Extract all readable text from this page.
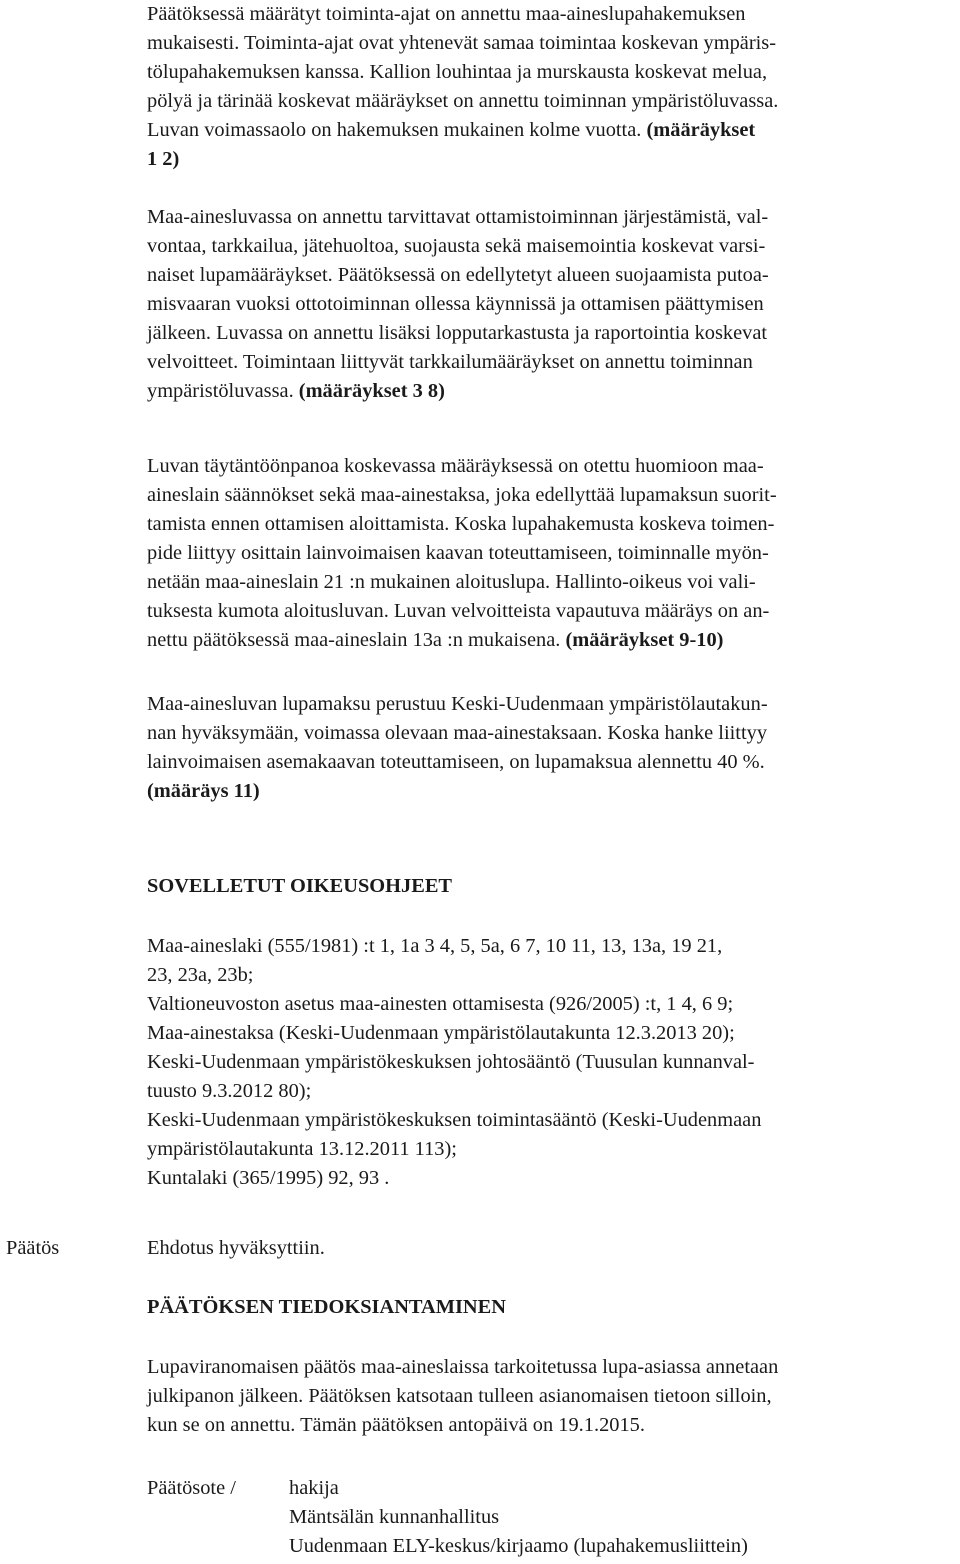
Päätöksessä määrätyt toiminta-ajat on annettu maa-aineslupahakemuksen
mukaisesti. Toiminta-ajat ovat yhtenevät samaa toimintaa koskevan ympäris-
tölupahakemuksen kanssa. Kallion louhintaa ja murskausta koskevat melua,
pölyä ja tärinää koskevat määräykset on annettu toiminnan ympäristöluvassa.
Luvan voimassaolo on hakemuksen mukainen kolme vuotta. (määräykset
1 2)
Maa-ainesluvassa on annettu tarvittavat ottamistoiminnan järjestämistä, val-
vontaa, tarkkailua, jätehuoltoa, suojausta sekä maisemointia koskevat varsi-
naiset lupamääräykset. Päätöksessä on edellytetyt alueen suojaamista putoa-
misvaaran vuoksi ottotoiminnan ollessa käynnissä ja ottamisen päättymisen
jälkeen. Luvassa on annettu lisäksi lopputarkastusta ja raportointia koskevat
velvoitteet. Toimintaan liittyvät tarkkailumääräykset on annettu toiminnan
ympäristöluvassa. (määräykset 3 8)
Luvan täytäntöönpanoa koskevassa määräyksessä on otettu huomioon maa-
aineslain säännökset sekä maa-ainestaksa, joka edellyttää lupamaksun suorit-
tamista ennen ottamisen aloittamista. Koska lupahakemusta koskeva toimen-
pide liittyy osittain lainvoimaisen kaavan toteuttamiseen, toiminnalle myön-
netään maa-aineslain 21 :n mukainen aloituslupa. Hallinto-oikeus voi vali-
tuksesta kumota aloitusluvan. Luvan velvoitteista vapautuva määräys on an-
nettu päätöksessä maa-aineslain 13a :n mukaisena. (määräykset 9-10)
Maa-ainesluvan lupamaksu perustuu Keski-Uudenmaan ympäristölautakun-
nan hyväksymään, voimassa olevaan maa-ainestaksaan. Koska hanke liittyy
lainvoimaisen asemakaavan toteuttamiseen, on lupamaksua alennettu 40 %.
(määräys 11)
SOVELLETUT OIKEUSOHJEET
Maa-aineslaki (555/1981) :t 1, 1a 3 4, 5, 5a, 6 7, 10 11, 13, 13a, 19 21,
23, 23a, 23b;
Valtioneuvoston asetus maa-ainesten ottamisesta (926/2005) :t, 1 4, 6 9;
Maa-ainestaksa (Keski-Uudenmaan ympäristölautakunta 12.3.2013 20);
Keski-Uudenmaan ympäristökeskuksen johtosääntö (Tuusulan kunnanval-
tuusto 9.3.2012 80);
Keski-Uudenmaan ympäristökeskuksen toimintasääntö (Keski-Uudenmaan
ympäristölautakunta 13.12.2011 113);
Kuntalaki (365/1995) 92, 93 .
Päätös	Ehdotus hyväksyttiin.
PÄÄTÖKSEN TIEDOKSIANTAMINEN
Lupaviranomaisen päätös maa-aineslaissa tarkoitetussa lupa-asiassa annetaan
julkipanon jälkeen. Päätöksen katsotaan tulleen asianomaisen tietoon silloin,
kun se on annettu. Tämän päätöksen antopäivä on 19.1.2015.
Päätösote /	hakija
Mäntsälän kunnanhallitus
Uudenmaan ELY-keskus/kirjaamo (lupahakemusliittein)
